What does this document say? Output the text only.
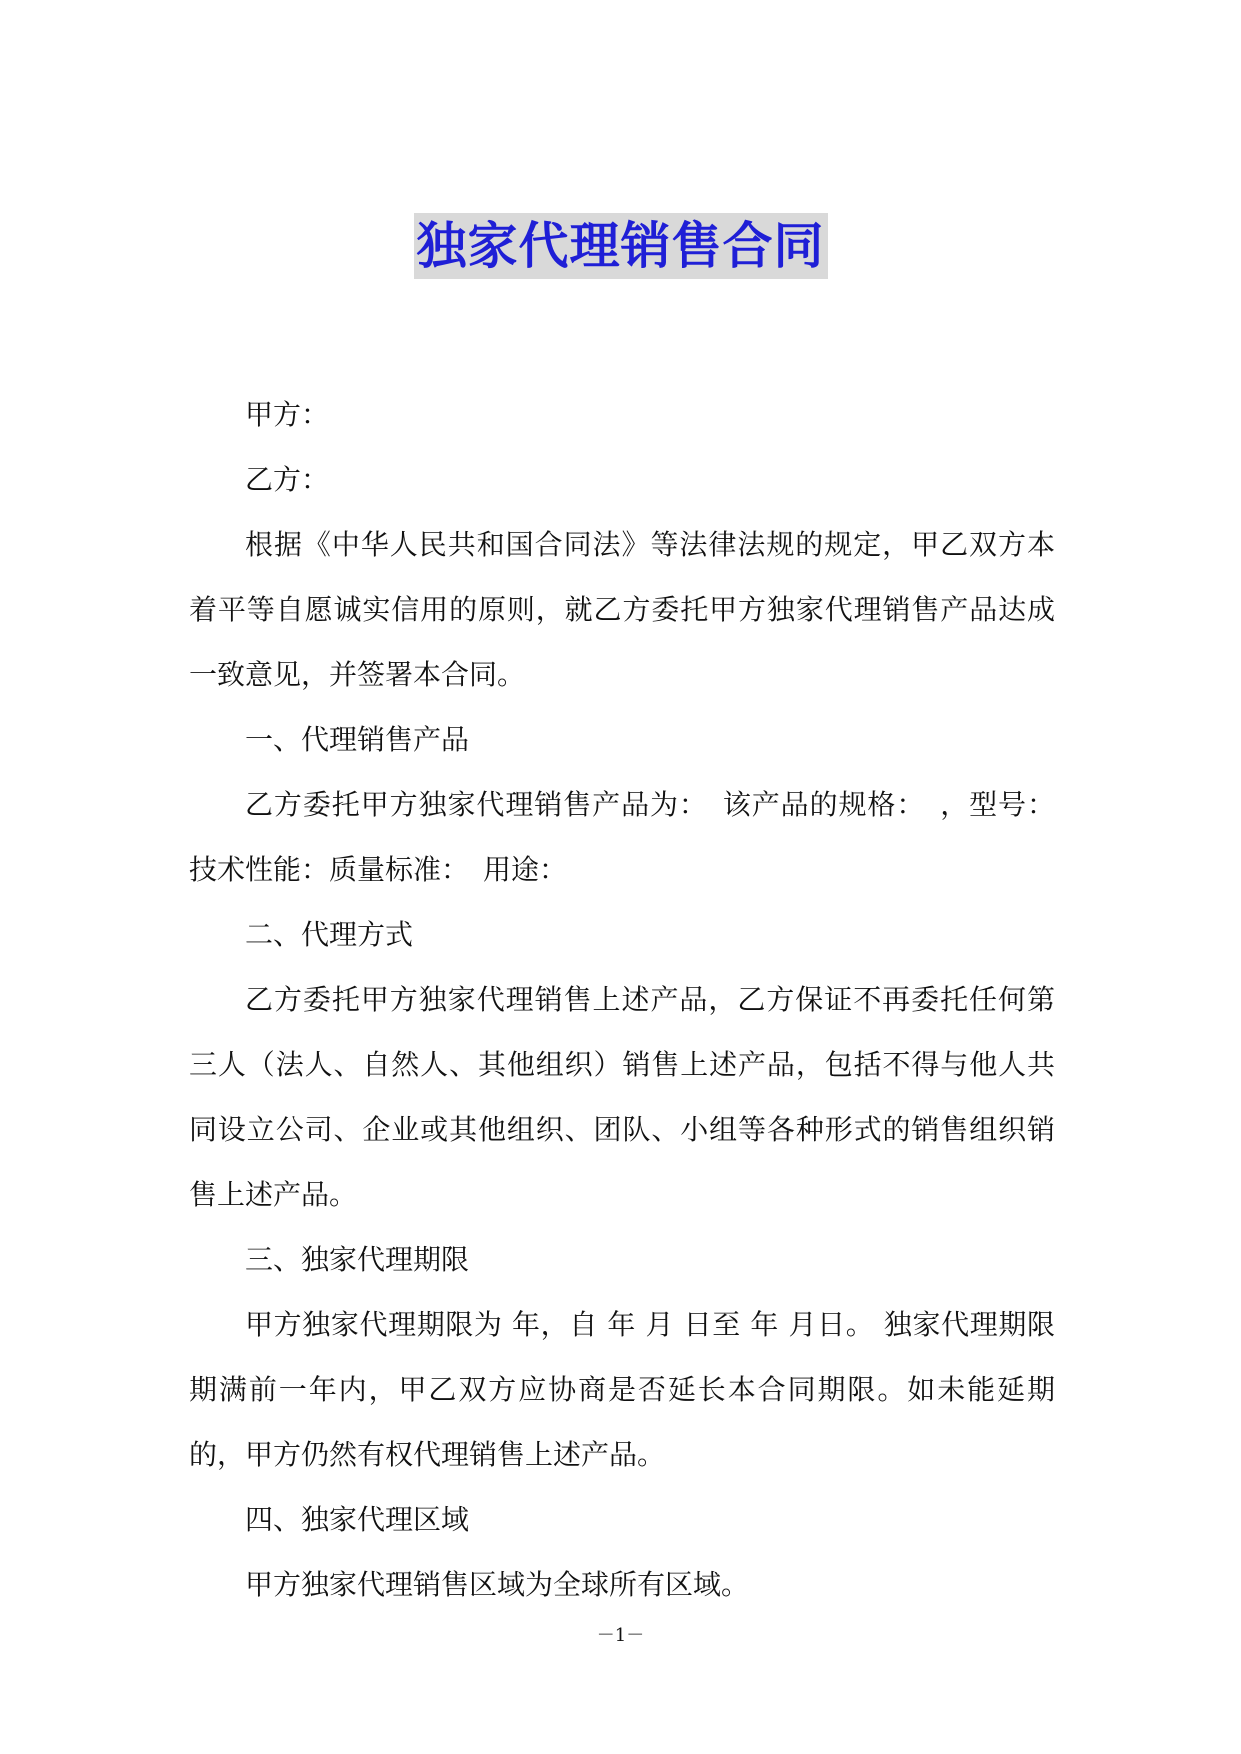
独家代理销售合同

甲方：

乙方：

根据《中华人民共和国合同法》等法律法规的规定，甲乙双方本着平等自愿诚实信用的原则，就乙方委托甲方独家代理销售产品达成一致意见，并签署本合同。

一、代理销售产品

乙方委托甲方独家代理销售产品为：　该产品的规格：　，型号：技术性能：质量标准：　用途：

二、代理方式

乙方委托甲方独家代理销售上述产品，乙方保证不再委托任何第三人（法人、自然人、其他组织）销售上述产品，包括不得与他人共同设立公司、企业或其他组织、团队、小组等各种形式的销售组织销售上述产品。

三、独家代理期限

甲方独家代理期限为 年，自 年 月 日至 年 月日。 独家代理期限期满前一年内，甲乙双方应协商是否延长本合同期限。如未能延期的，甲方仍然有权代理销售上述产品。

四、独家代理区域

甲方独家代理销售区域为全球所有区域。

－1－
